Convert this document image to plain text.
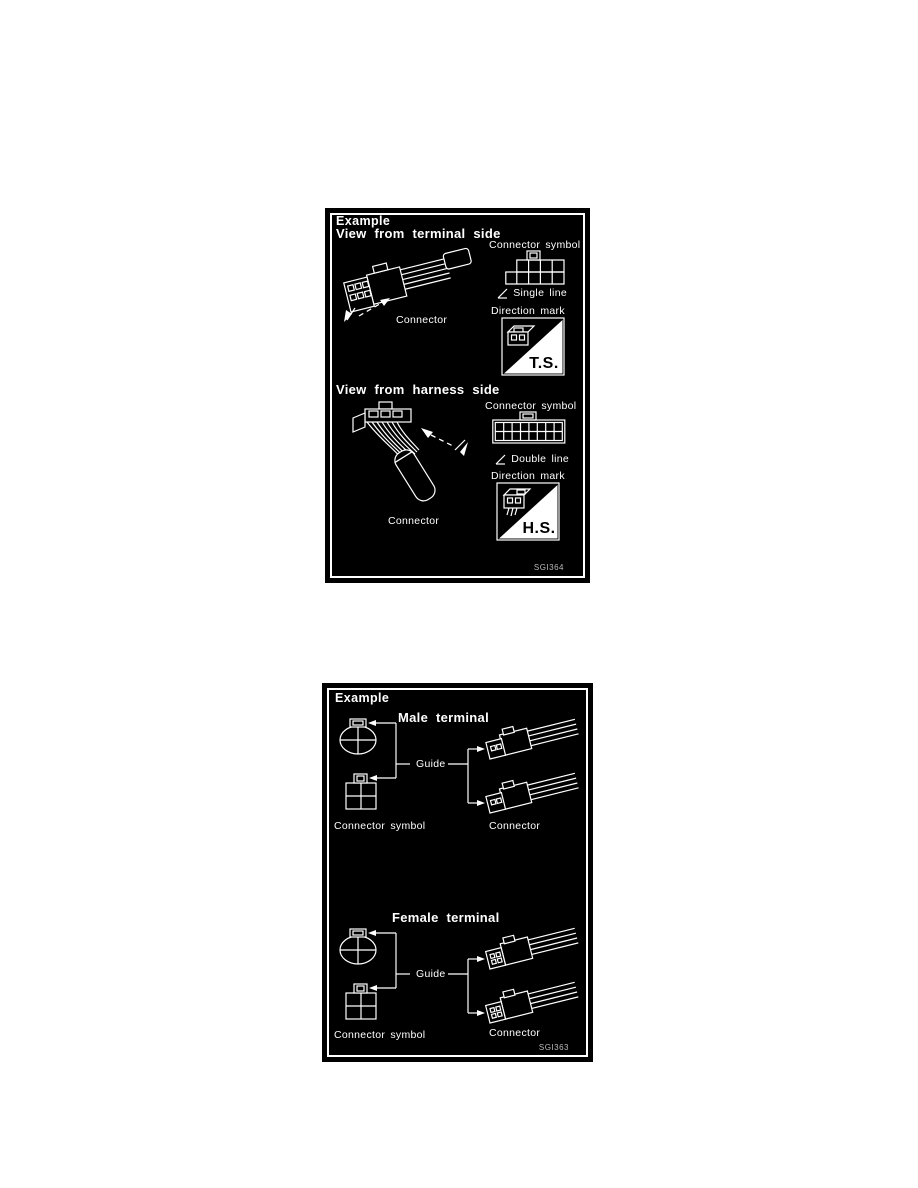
Example
View from terminal side
Connector
Connector symbol
Single line
Direction mark
T.S.
View from harness side
Connector
Connector symbol
Double line
Direction mark
H.S.
SGI364
Example
Male terminal
Guide
Connector symbol	Connector
Female terminal
Guide
Connector symbol	Connector
SGI363
